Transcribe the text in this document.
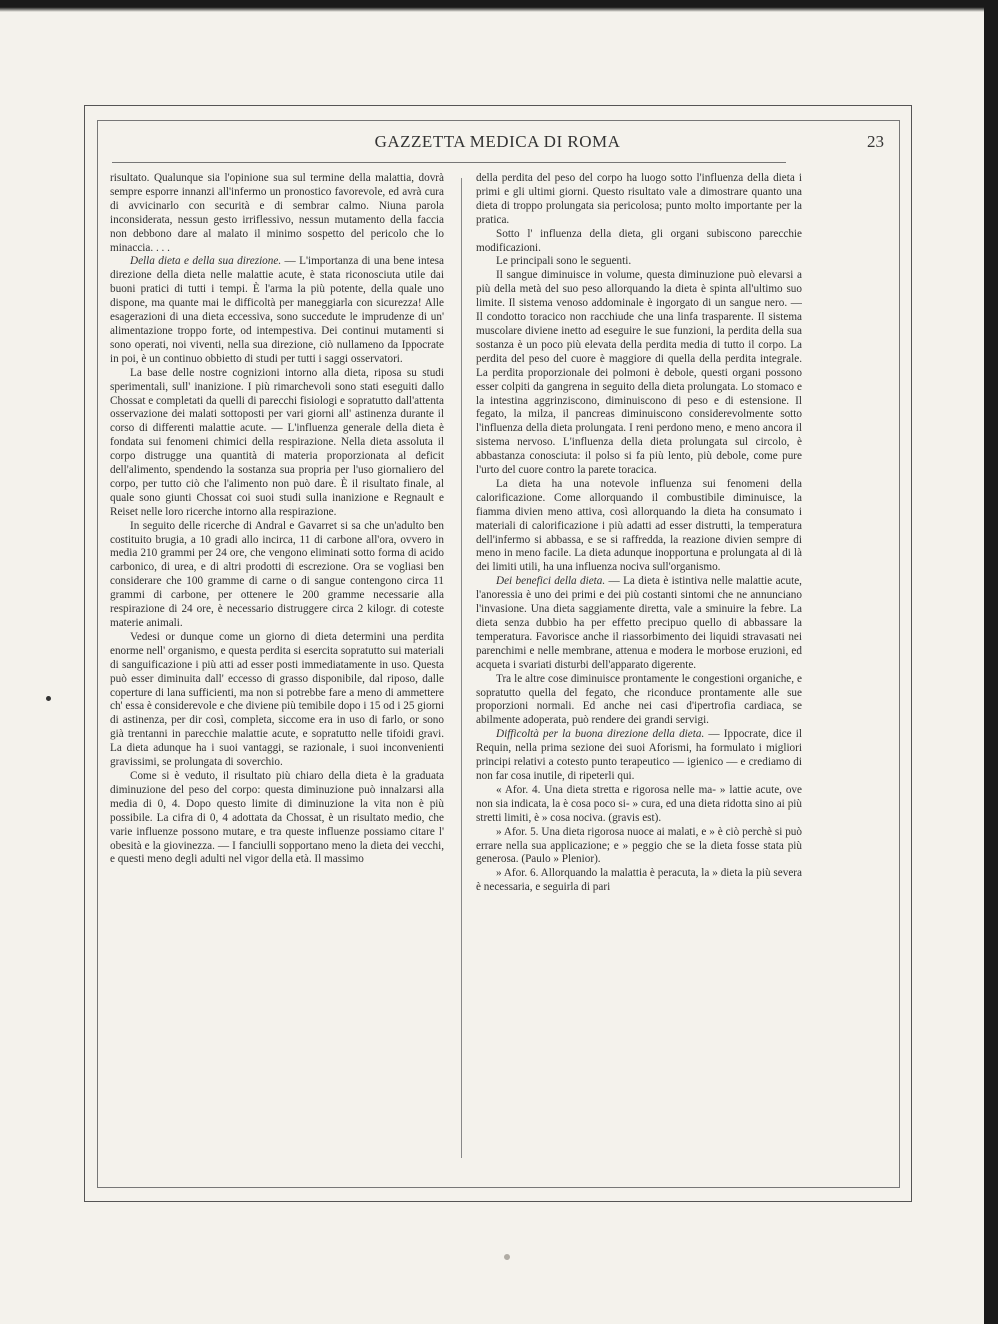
GAZZETTA MEDICA DI ROMA	23

risultato. Qualunque sia l'opinione sua sul termine della malattia, dovrà sempre esporre innanzi all'infermo un pronostico favorevole, ed avrà cura di avvicinarlo con securità e di sembrar calmo. Niuna parola inconsiderata, nessun gesto irriflessivo, nessun mutamento della faccia non debbono dare al malato il minimo sospetto del pericolo che lo minaccia. . . .

Della dieta e della sua direzione. — L'importanza di una bene intesa direzione della dieta nelle malattie acute, è stata riconosciuta utile dai buoni pratici di tutti i tempi. È l'arma la più potente, della quale uno dispone, ma quante mai le difficoltà per maneggiarla con sicurezza! Alle esagerazioni di una dieta eccessiva, sono succedute le imprudenze di un' alimentazione troppo forte, od intempestiva. Dei continui mutamenti si sono operati, noi viventi, nella sua direzione, ciò nullameno da Ippocrate in poi, è un continuo obbietto di studi per tutti i saggi osservatori.

La base delle nostre cognizioni intorno alla dieta, riposa su studi sperimentali, sull' inanizione. I più rimarchevoli sono stati eseguiti dallo Chossat e completati da quelli di parecchi fisiologi e sopratutto dall'attenta osservazione dei malati sottoposti per vari giorni all' astinenza durante il corso di differenti malattie acute. — L'influenza generale della dieta è fondata sui fenomeni chimici della respirazione. Nella dieta assoluta il corpo distrugge una quantità di materia proporzionata al deficit dell'alimento, spendendo la sostanza sua propria per l'uso giornaliero del corpo, per tutto ciò che l'alimento non può dare. È il risultato finale, al quale sono giunti Chossat coi suoi studi sulla inanizione e Regnault e Reiset nelle loro ricerche intorno alla respirazione.

In seguito delle ricerche di Andral e Gavarret si sa che un'adulto ben costituito brugia, a 10 gradi allo incirca, 11 di carbone all'ora, ovvero in media 210 grammi per 24 ore, che vengono eliminati sotto forma di acido carbonico, di urea, e di altri prodotti di escrezione. Ora se vogliasi ben considerare che 100 gramme di carne o di sangue contengono circa 11 grammi di carbone, per ottenere le 200 gramme necessarie alla respirazione di 24 ore, è necessario distruggere circa 2 kilogr. di coteste materie animali.

Vedesi or dunque come un giorno di dieta determini una perdita enorme nell' organismo, e questa perdita si esercita sopratutto sui materiali di sanguificazione i più atti ad esser posti immediatamente in uso. Questa può esser diminuita dall' eccesso di grasso disponibile, dal riposo, dalle coperture di lana sufficienti, ma non si potrebbe fare a meno di ammettere ch' essa è considerevole e che diviene più temibile dopo i 15 od i 25 giorni di astinenza, per dir così, completa, siccome era in uso di farlo, or sono già trentanni in parecchie malattie acute, e sopratutto nelle tifoidi gravi. La dieta adunque ha i suoi vantaggi, se razionale, i suoi inconvenienti gravissimi, se prolungata di soverchio.

Come si è veduto, il risultato più chiaro della dieta è la graduata diminuzione del peso del corpo: questa diminuzione può innalzarsi alla media di 0, 4. Dopo questo limite di diminuzione la vita non è più possibile. La cifra di 0, 4 adottata da Chossat, è un risultato medio, che varie influenze possono mutare, e tra queste influenze possiamo citare l' obesità e la giovinezza. — I fanciulli sopportano meno la dieta dei vecchi, e questi meno degli adulti nel vigor della età. Il massimo

della perdita del peso del corpo ha luogo sotto l'influenza della dieta i primi e gli ultimi giorni. Questo risultato vale a dimostrare quanto una dieta di troppo prolungata sia pericolosa; punto molto importante per la pratica.

Sotto l' influenza della dieta, gli organi subiscono parecchie modificazioni.

Le principali sono le seguenti.

Il sangue diminuisce in volume, questa diminuzione può elevarsi a più della metà del suo peso allorquando la dieta è spinta all'ultimo suo limite. Il sistema venoso addominale è ingorgato di un sangue nero. — Il condotto toracico non racchiude che una linfa trasparente. Il sistema muscolare diviene inetto ad eseguire le sue funzioni, la perdita della sua sostanza è un poco più elevata della perdita media di tutto il corpo. La perdita del peso del cuore è maggiore di quella della perdita integrale. La perdita proporzionale dei polmoni è debole, questi organi possono esser colpiti da gangrena in seguito della dieta prolungata. Lo stomaco e la intestina aggrinziscono, diminuiscono di peso e di estensione. Il fegato, la milza, il pancreas diminuiscono considerevolmente sotto l'influenza della dieta prolungata. I reni perdono meno, e meno ancora il sistema nervoso. L'influenza della dieta prolungata sul circolo, è abbastanza conosciuta: il polso si fa più lento, più debole, come pure l'urto del cuore contro la parete toracica.

La dieta ha una notevole influenza sui fenomeni della calorificazione. Come allorquando il combustibile diminuisce, la fiamma divien meno attiva, così allorquando la dieta ha consumato i materiali di calorificazione i più adatti ad esser distrutti, la temperatura dell'infermo si abbassa, e se si raffredda, la reazione divien sempre di meno in meno facile. La dieta adunque inopportuna e prolungata al di là dei limiti utili, ha una influenza nociva sull'organismo.

Dei benefici della dieta. — La dieta è istintiva nelle malattie acute, l'anoressia è uno dei primi e dei più costanti sintomi che ne annunciano l'invasione. Una dieta saggiamente diretta, vale a sminuire la febre. La dieta senza dubbio ha per effetto precipuo quello di abbassare la temperatura. Favorisce anche il riassorbimento dei liquidi stravasati nei parenchimi e nelle membrane, attenua e modera le morbose eruzioni, ed acqueta i svariati disturbi dell'apparato digerente.

Tra le altre cose diminuisce prontamente le congestioni organiche, e sopratutto quella del fegato, che riconduce prontamente alle sue proporzioni normali. Ed anche nei casi d'ipertrofia cardiaca, se abilmente adoperata, può rendere dei grandi servigi.

Difficoltà per la buona direzione della dieta. — Ippocrate, dice il Requin, nella prima sezione dei suoi Aforismi, ha formulato i migliori principi relativi a cotesto punto terapeutico — igienico — e crediamo di non far cosa inutile, di ripeterli qui.

« Afor. 4. Una dieta stretta e rigorosa nelle ma- » lattie acute, ove non sia indicata, la è cosa poco si- » cura, ed una dieta ridotta sino ai più stretti limiti, è » cosa nociva. (gravis est).

» Afor. 5. Una dieta rigorosa nuoce ai malati, e » è ciò perchè si può errare nella sua applicazione; e » peggio che se la dieta fosse stata più generosa. (Paulo » Plenior).

» Afor. 6. Allorquando la malattia è peracuta, la » dieta la più severa è necessaria, e seguirla di pari
